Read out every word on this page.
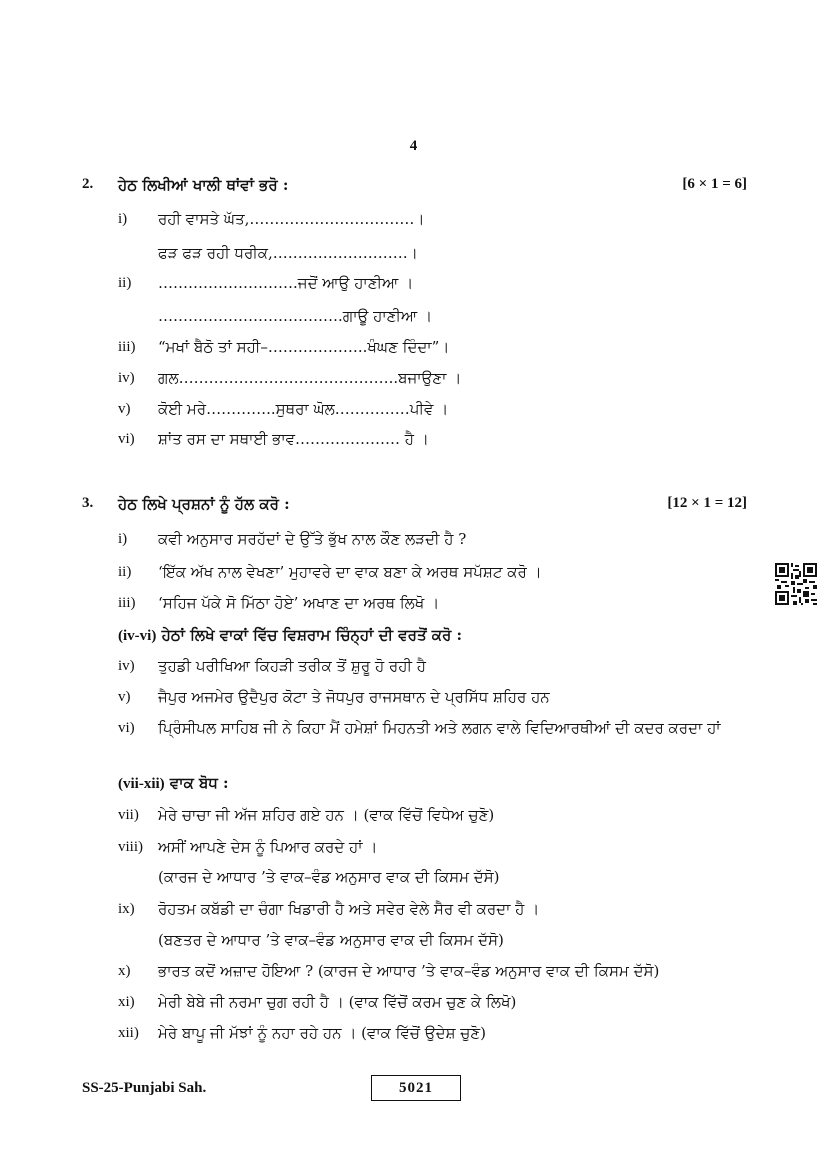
4
2. ਹੇਠ ਲਿਖੀਆਂ ਖਾਲੀ ਥਾਂਵਾਂ ਭਰੋ :	[6 × 1 = 6]
i) ਰਹੀ ਵਾਸਤੇ ਘੱਤ,……………………………।
ਫੜ ਫੜ ਰਹੀ ਧਰੀਕ,………………………।
ii) ……………………….ਜਦੋਂ ਆਉ ਹਾਣੀਆ ।
……………………………….ਗਾਊ ਹਾਣੀਆ ।
iii) “ਮਖਾਂ ਬੈਠੋ ਤਾਂ ਸਹੀ–………………..ਖੰਘਣ ਦਿੰਦਾ”।
iv) ਗਲ……………………………………..ਬਜਾਉਣਾ ।
v) ਕੋਈ ਮਰੇ…………..ਸੁਥਰਾ ਘੋਲ……………ਪੀਵੇ ।
vi) ਸ਼ਾਂਤ ਰਸ ਦਾ ਸਥਾਈ ਭਾਵ………………… ਹੈ ।
3. ਹੇਠ ਲਿਖੇ ਪ੍ਰਸ਼ਨਾਂ ਨੂੰ ਹੱਲ ਕਰੋ :	[12 × 1 = 12]
i) ਕਵੀ ਅਨੁਸਾਰ ਸਰਹੱਦਾਂ ਦੇ ਉੱਤੇ ਭੁੱਖ ਨਾਲ ਕੌਣ ਲੜਦੀ ਹੈ ?
ii) ‘ਇੱਕ ਅੱਖ ਨਾਲ ਵੇਖਣਾ’ ਮੁਹਾਵਰੇ ਦਾ ਵਾਕ ਬਣਾ ਕੇ ਅਰਥ ਸਪੱਸ਼ਟ ਕਰੋ ।
iii) ‘ਸਹਿਜ ਪੱਕੇ ਸੋ ਮਿੱਠਾ ਹੋਏ’ ਅਖਾਣ ਦਾ ਅਰਥ ਲਿਖੋ ।
(iv-vi) ਹੇਠਾਂ ਲਿਖੇ ਵਾਕਾਂ ਵਿੱਚ ਵਿਸ਼ਰਾਮ ਚਿੰਨ੍ਹਾਂ ਦੀ ਵਰਤੋਂ ਕਰੋ :
iv) ਤੁਹਡੀ ਪਰੀਖਿਆ ਕਿਹੜੀ ਤਰੀਕ ਤੋਂ ਸ਼ੁਰੂ ਹੋ ਰਹੀ ਹੈ
v) ਜੈਪੁਰ ਅਜਮੇਰ ਉਦੈਪੁਰ ਕੋਟਾ ਤੇ ਜੋਧਪੁਰ ਰਾਜਸਥਾਨ ਦੇ ਪ੍ਰਸਿੱਧ ਸ਼ਹਿਰ ਹਨ
vi) ਪ੍ਰਿੰਸੀਪਲ ਸਾਹਿਬ ਜੀ ਨੇ ਕਿਹਾ ਮੈਂ ਹਮੇਸ਼ਾਂ ਮਿਹਨਤੀ ਅਤੇ ਲਗਨ ਵਾਲੇ ਵਿਦਿਆਰਥੀਆਂ ਦੀ ਕਦਰ ਕਰਦਾ ਹਾਂ
(vii-xii) ਵਾਕ ਬੋਧ :
vii) ਮੇਰੇ ਚਾਚਾ ਜੀ ਅੱਜ ਸ਼ਹਿਰ ਗਏ ਹਨ । (ਵਾਕ ਵਿੱਚੋਂ ਵਿਧੇਅ ਚੁਣੋ)
viii) ਅਸੀਂ ਆਪਣੇ ਦੇਸ ਨੂੰ ਪਿਆਰ ਕਰਦੇ ਹਾਂ ।
(ਕਾਰਜ ਦੇ ਆਧਾਰ ’ਤੇ ਵਾਕ–ਵੰਡ ਅਨੁਸਾਰ ਵਾਕ ਦੀ ਕਿਸਮ ਦੱਸੋ)
ix) ਰੋਹਤਮ ਕਬੱਡੀ ਦਾ ਚੰਗਾ ਖਿਡਾਰੀ ਹੈ ਅਤੇ ਸਵੇਰ ਵੇਲੇ ਸੈਰ ਵੀ ਕਰਦਾ ਹੈ ।
(ਬਣਤਰ ਦੇ ਆਧਾਰ ’ਤੇ ਵਾਕ–ਵੰਡ ਅਨੁਸਾਰ ਵਾਕ ਦੀ ਕਿਸਮ ਦੱਸੋ)
x) ਭਾਰਤ ਕਦੋਂ ਅਜ਼ਾਦ ਹੋਇਆ ? (ਕਾਰਜ ਦੇ ਆਧਾਰ ’ਤੇ ਵਾਕ–ਵੰਡ ਅਨੁਸਾਰ ਵਾਕ ਦੀ ਕਿਸਮ ਦੱਸੋ)
xi) ਮੇਰੀ ਬੇਬੇ ਜੀ ਨਰਮਾ ਚੁਗ ਰਹੀ ਹੈ । (ਵਾਕ ਵਿੱਚੋਂ ਕਰਮ ਚੁਣ ਕੇ ਲਿਖੋ)
xii) ਮੇਰੇ ਬਾਪੂ ਜੀ ਮੱਝਾਂ ਨੂੰ ਨਹਾ ਰਹੇ ਹਨ । (ਵਾਕ ਵਿੱਚੋਂ ਉਦੇਸ਼ ਚੁਣੋ)
SS-25-Punjabi Sah.	5021
